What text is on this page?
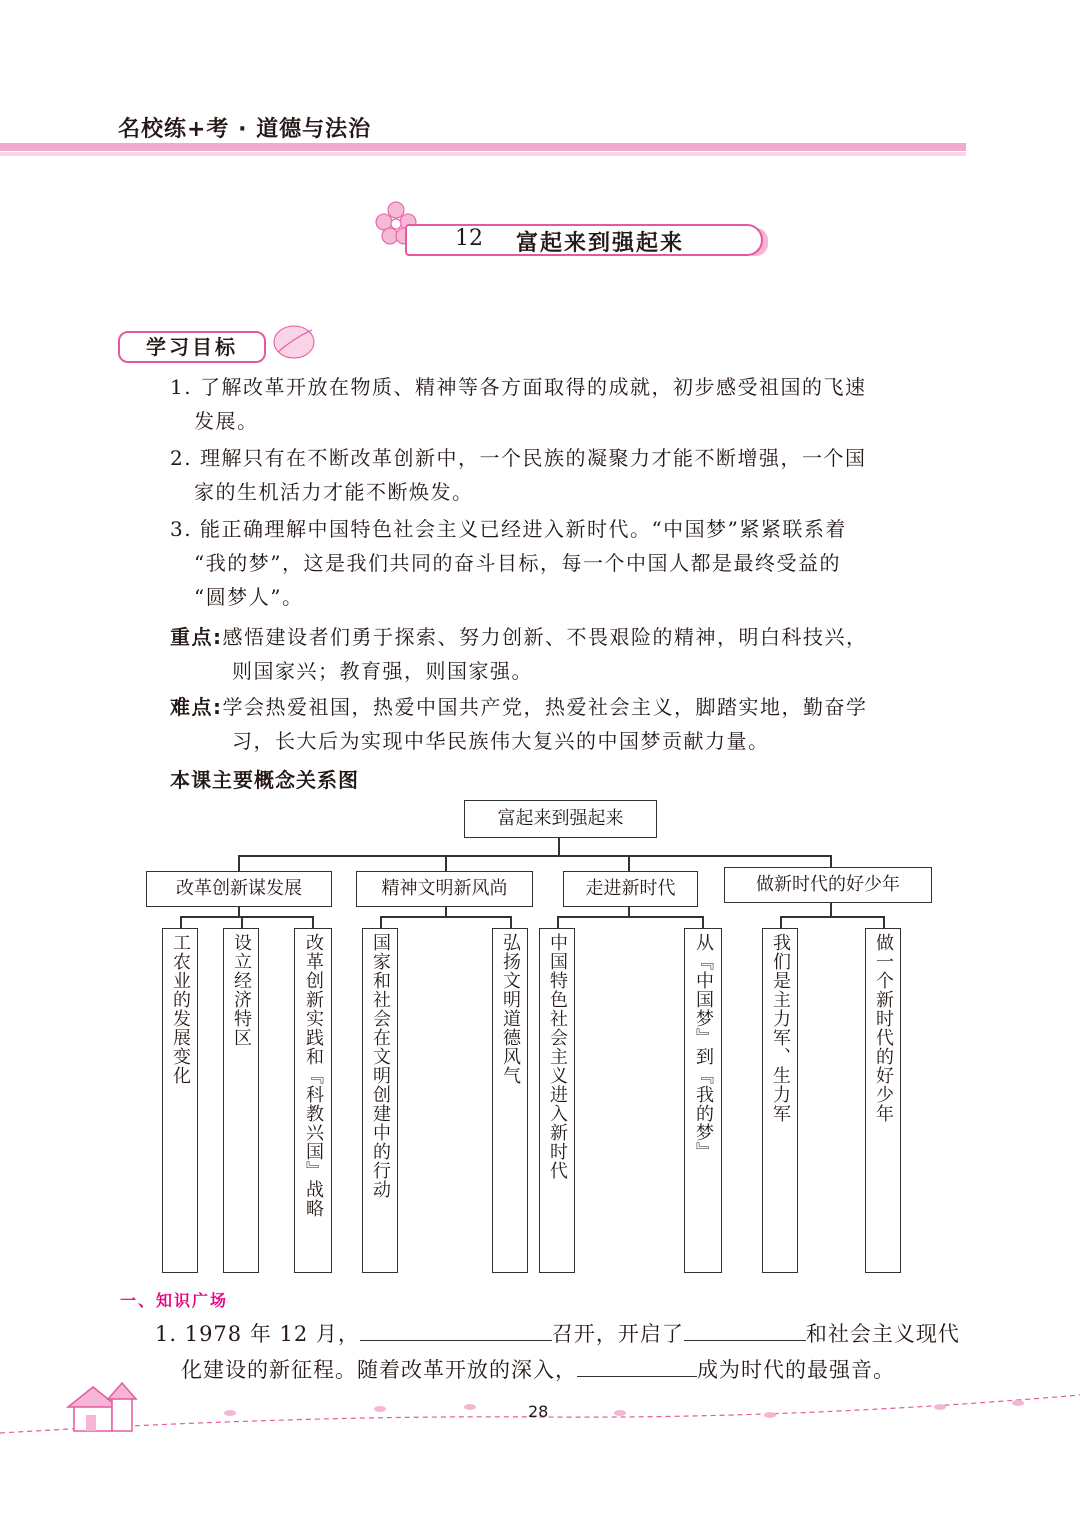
名校练+考 · 道德与法治
12 富起来到强起来
学习目标
1. 了解改革开放在物质、精神等各方面取得的成就，初步感受祖国的飞速
发展。
2. 理解只有在不断改革创新中，一个民族的凝聚力才能不断增强，一个国
家的生机活力才能不断焕发。
3. 能正确理解中国特色社会主义已经进入新时代。“中国梦”紧紧联系着
“我的梦”，这是我们共同的奋斗目标，每一个中国人都是最终受益的
“圆梦人”。
重点:感悟建设者们勇于探索、努力创新、不畏艰险的精神，明白科技兴，
则国家兴；教育强，则国家强。
难点:学会热爱祖国，热爱中国共产党，热爱社会主义，脚踏实地，勤奋学
习，长大后为实现中华民族伟大复兴的中国梦贡献力量。
本课主要概念关系图
富起来到强起来
改革创新谋发展	精神文明新风尚	走进新时代	做新时代的好少年
工农业的发展变化	设立经济特区	改革创新实践和『科教兴国』战略	国家和社会在文明创建中的行动	弘扬文明道德风气	中国特色社会主义进入新时代	从『中国梦』到『我的梦』	我们是主力军、生力军	做一个新时代的好少年
一、知识广场
1. 1978 年 12 月，	召开，开启了	和社会主义现代
化建设的新征程。随着改革开放的深入，	成为时代的最强音。
28
